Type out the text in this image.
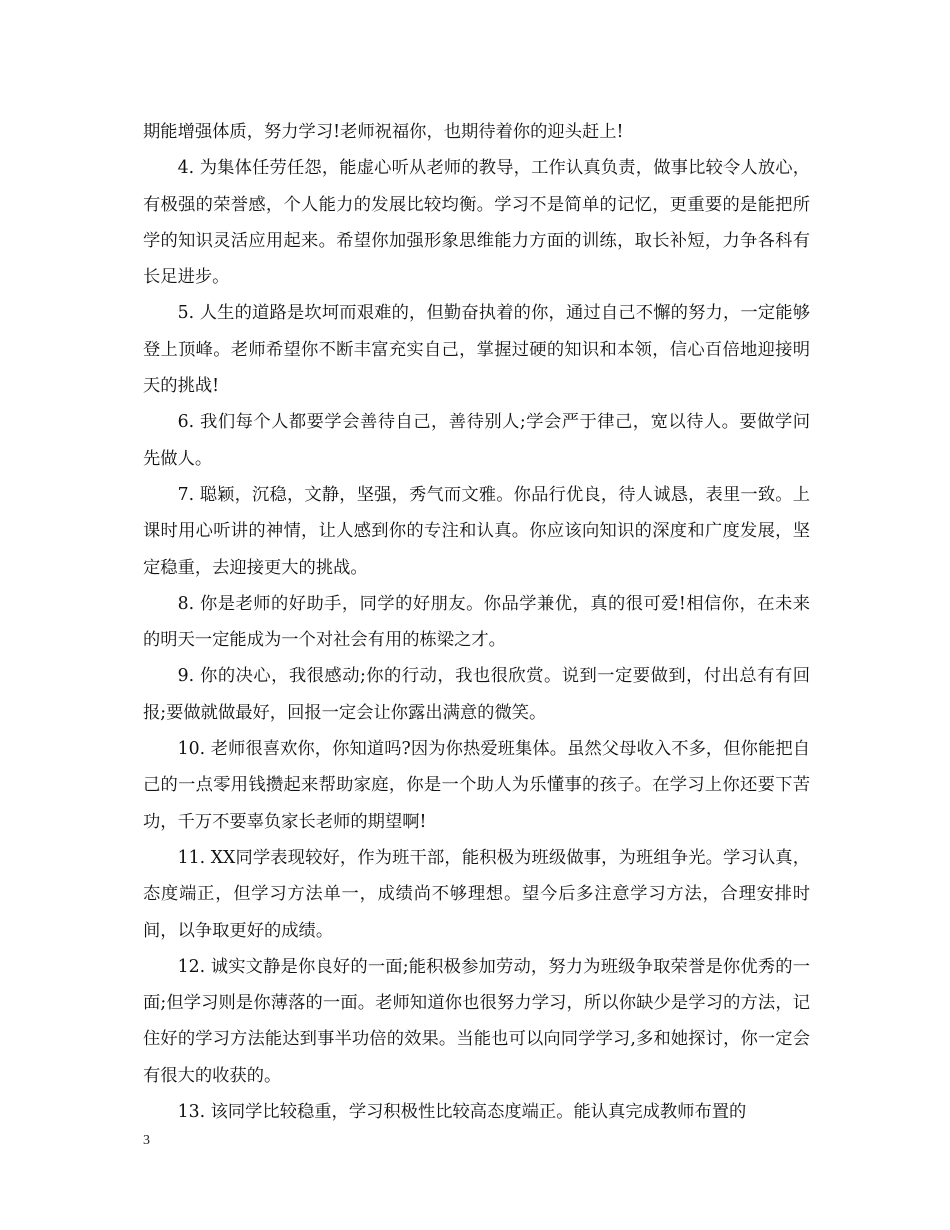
期能增强体质，努力学习!老师祝福你，也期待着你的迎头赶上!

4. 为集体任劳任怨，能虚心听从老师的教导，工作认真负责，做事比较令人放心，有极强的荣誉感，个人能力的发展比较均衡。学习不是简单的记忆，更重要的是能把所学的知识灵活应用起来。希望你加强形象思维能力方面的训练，取长补短，力争各科有长足进步。

5. 人生的道路是坎坷而艰难的，但勤奋执着的你，通过自己不懈的努力，一定能够登上顶峰。老师希望你不断丰富充实自己，掌握过硬的知识和本领，信心百倍地迎接明天的挑战!

6. 我们每个人都要学会善待自己，善待别人;学会严于律己，宽以待人。要做学问先做人。

7. 聪颖，沉稳，文静，坚强，秀气而文雅。你品行优良，待人诚恳，表里一致。上课时用心听讲的神情，让人感到你的专注和认真。你应该向知识的深度和广度发展，坚定稳重，去迎接更大的挑战。

8. 你是老师的好助手，同学的好朋友。你品学兼优，真的很可爱!相信你，在未来的明天一定能成为一个对社会有用的栋梁之才。

9. 你的决心，我很感动;你的行动，我也很欣赏。说到一定要做到，付出总有有回报;要做就做最好，回报一定会让你露出满意的微笑。

10. 老师很喜欢你，你知道吗?因为你热爱班集体。虽然父母收入不多，但你能把自己的一点零用钱攒起来帮助家庭，你是一个助人为乐懂事的孩子。在学习上你还要下苦功，千万不要辜负家长老师的期望啊!

11. XX同学表现较好，作为班干部，能积极为班级做事，为班组争光。学习认真，态度端正，但学习方法单一，成绩尚不够理想。望今后多注意学习方法，合理安排时间，以争取更好的成绩。

12. 诚实文静是你良好的一面;能积极参加劳动，努力为班级争取荣誉是你优秀的一面;但学习则是你薄落的一面。老师知道你也很努力学习，所以你缺少是学习的方法，记住好的学习方法能达到事半功倍的效果。当能也可以向同学学习,多和她探讨，你一定会有很大的收获的。

13. 该同学比较稳重，学习积极性比较高态度端正。能认真完成教师布置的

3
